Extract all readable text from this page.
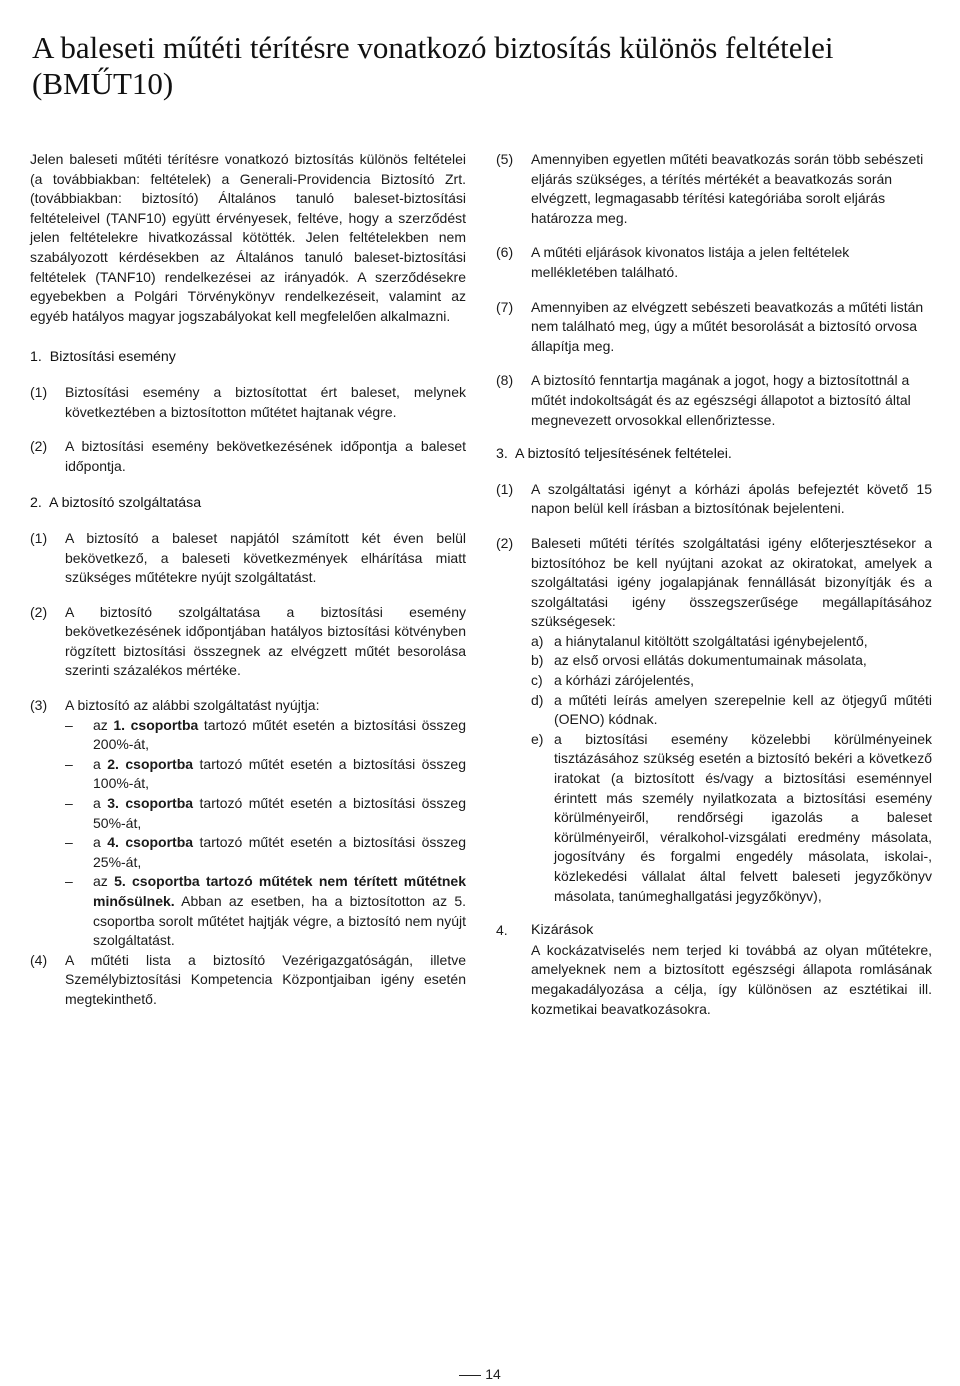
A baleseti műtéti térítésre vonatkozó biztosítás különös feltételei (BMŰT10)

Jelen baleseti műtéti térítésre vonatkozó biztosítás különös feltételei (a továbbiakban: feltételek) a Generali-Providencia Biztosító Zrt. (továbbiakban: biztosító) Általános tanuló baleset-biztosítási feltételeivel (TANF10) együtt érvényesek, feltéve, hogy a szerződést jelen feltételekre hivatkozással kötötték. Jelen feltételekben nem szabályozott kérdésekben az Általános tanuló baleset-biztosítási feltételek (TANF10) rendelkezései az irányadók. A szerződésekre egyebekben a Polgári Törvénykönyv rendelkezéseit, valamint az egyéb hatályos magyar jogszabályokat kell megfelelően alkalmazni.

1. Biztosítási esemény
(1)	Biztosítási esemény a biztosítottat ért baleset, melynek következtében a biztosítotton műtétet hajtanak végre.
(2)	A biztosítási esemény bekövetkezésének időpontja a baleset időpontja.
2. A biztosító szolgáltatása
(1)	A biztosító a baleset napjától számított két éven belül bekövetkező, a baleseti következmények elhárítása miatt szükséges műtétekre nyújt szolgáltatást.
(2)	A biztosító szolgáltatása a biztosítási esemény bekövetkezésének időpontjában hatályos biztosítási kötvényben rögzített biztosítási összegnek az elvégzett műtét besorolása szerinti százalékos mértéke.
(3)	A biztosító az alábbi szolgáltatást nyújtja:
–	az 1. csoportba tartozó műtét esetén a biztosítási összeg 200%-át,
–	a 2. csoportba tartozó műtét esetén a biztosítási összeg 100%-át,
–	a 3. csoportba tartozó műtét esetén a biztosítási összeg 50%-át,
–	a 4. csoportba tartozó műtét esetén a biztosítási összeg 25%-át,
–	az 5. csoportba tartozó műtétek nem térített műtétnek minősülnek. Abban az esetben, ha a biztosítotton az 5. csoportba sorolt műtétet hajtják végre, a biztosító nem nyújt szolgáltatást.
(4)	A műtéti lista a biztosító Vezérigazgatóságán, illetve Személybiztosítási Kompetencia Központjaiban igény esetén megtekinthető.
(5)	Amennyiben egyetlen műtéti beavatkozás során több sebészeti eljárás szükséges, a térítés mértékét a beavatkozás során elvégzett, legmagasabb térítési kategóriába sorolt eljárás határozza meg.
(6)	A műtéti eljárások kivonatos listája a jelen feltételek mellékletében található.
(7)	Amennyiben az elvégzett sebészeti beavatkozás a műtéti listán nem található meg, úgy a műtét besorolását a biztosító orvosa állapítja meg.
(8)	A biztosító fenntartja magának a jogot, hogy a biztosítottnál a műtét indokoltságát és az egészségi állapotot a biztosító által megnevezett orvosokkal ellenőriztesse.
3. A biztosító teljesítésének feltételei.
(1)	A szolgáltatási igényt a kórházi ápolás befejeztét követő 15 napon belül kell írásban a biztosítónak bejelenteni.
(2)	Baleseti műtéti térítés szolgáltatási igény előterjesztésekor a biztosítóhoz be kell nyújtani azokat az okiratokat, amelyek a szolgáltatási igény jogalapjának fennállását bizonyítják és a szolgáltatási igény összegszerűsége megállapításához szükségesek:
a) a hiánytalanul kitöltött szolgáltatási igénybejelentő,
b) az első orvosi ellátás dokumentumainak másolata,
c) a kórházi zárójelentés,
d) a műtéti leírás amelyen szerepelnie kell az ötjegyű műtéti (OENO) kódnak.
e) a biztosítási esemény közelebbi körülményeinek tisztázásához szükség esetén a biztosító bekéri a következő iratokat (a biztosított és/vagy a biztosítási eseménnyel érintett más személy nyilatkozata a biztosítási esemény körülményeiről, rendőrségi igazolás a baleset körülményeiről, véralkohol-vizsgálati eredmény másolata, jogosítvány és forgalmi engedély másolata, iskolai-, közlekedési vállalat által felvett baleseti jegyzőkönyv másolata, tanúmeghallgatási jegyzőkönyv),
4.	Kizárások
A kockázatviselés nem terjed ki továbbá az olyan műtétekre, amelyeknek nem a biztosított egészségi állapota romlásának megakadályozása a célja, így különösen az esztétikai ill. kozmetikai beavatkozásokra.
14
